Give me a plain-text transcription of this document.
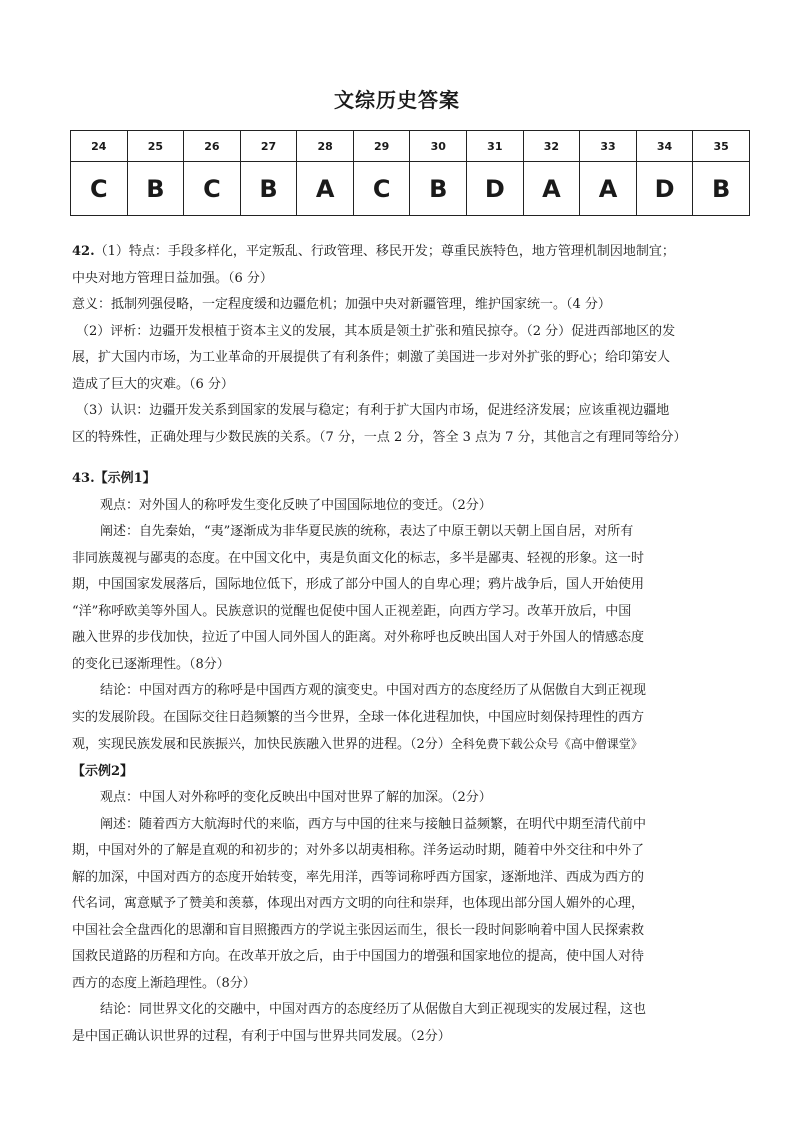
文综历史答案
24	25	26	27	28	29	30	31	32	33	34	35
C	B	C	B	A	C	B	D	A	A	D	B

42.（1）特点：手段多样化，平定叛乱、行政管理、移民开发；尊重民族特色，地方管理机制因地制宜；

中央对地方管理日益加强。（6 分）

意义：抵制列强侵略，一定程度缓和边疆危机；加强中央对新疆管理，维护国家统一。（4 分）

（2）评析：边疆开发根植于资本主义的发展，其本质是领土扩张和殖民掠夺。（2 分）促进西部地区的发

展，扩大国内市场，为工业革命的开展提供了有利条件；刺激了美国进一步对外扩张的野心；给印第安人

造成了巨大的灾难。（6 分）

（3）认识：边疆开发关系到国家的发展与稳定；有利于扩大国内市场，促进经济发展；应该重视边疆地

区的特殊性，正确处理与少数民族的关系。（7 分，一点 2 分，答全 3 点为 7 分，其他言之有理同等给分）

43.【示例1】

观点：对外国人的称呼发生变化反映了中国国际地位的变迁。（2分）

阐述：自先秦始，“夷”逐渐成为非华夏民族的统称，表达了中原王朝以天朝上国自居，对所有

非同族蔑视与鄙夷的态度。在中国文化中，夷是负面文化的标志，多半是鄙夷、轻视的形象。这一时

期，中国国家发展落后，国际地位低下，形成了部分中国人的自卑心理；鸦片战争后，国人开始使用

“洋”称呼欧美等外国人。民族意识的觉醒也促使中国人正视差距，向西方学习。改革开放后，中国

融入世界的步伐加快，拉近了中国人同外国人的距离。对外称呼也反映出国人对于外国人的情感态度

的变化已逐渐理性。（8分）

结论：中国对西方的称呼是中国西方观的演变史。中国对西方的态度经历了从倨傲自大到正视现

实的发展阶段。在国际交往日趋频繁的当今世界，全球一体化进程加快，中国应时刻保持理性的西方

观，实现民族发展和民族振兴，加快民族融入世界的进程。（2分）全科免费下载公众号《高中僧课堂》

【示例2】

观点：中国人对外称呼的变化反映出中国对世界了解的加深。（2分）

阐述：随着西方大航海时代的来临，西方与中国的往来与接触日益频繁，在明代中期至清代前中

期，中国对外的了解是直观的和初步的；对外多以胡夷相称。洋务运动时期，随着中外交往和中外了

解的加深，中国对西方的态度开始转变，率先用洋，西等词称呼西方国家，逐渐地洋、西成为西方的

代名词，寓意赋予了赞美和羡慕，体现出对西方文明的向往和崇拜，也体现出部分国人媚外的心理，

中国社会全盘西化的思潮和盲目照搬西方的学说主张因运而生，很长一段时间影响着中国人民探索救

国救民道路的历程和方向。在改革开放之后，由于中国国力的增强和国家地位的提高，使中国人对待

西方的态度上渐趋理性。（8分）

结论：同世界文化的交融中，中国对西方的态度经历了从倨傲自大到正视现实的发展过程，这也

是中国正确认识世界的过程，有利于中国与世界共同发展。（2分）
